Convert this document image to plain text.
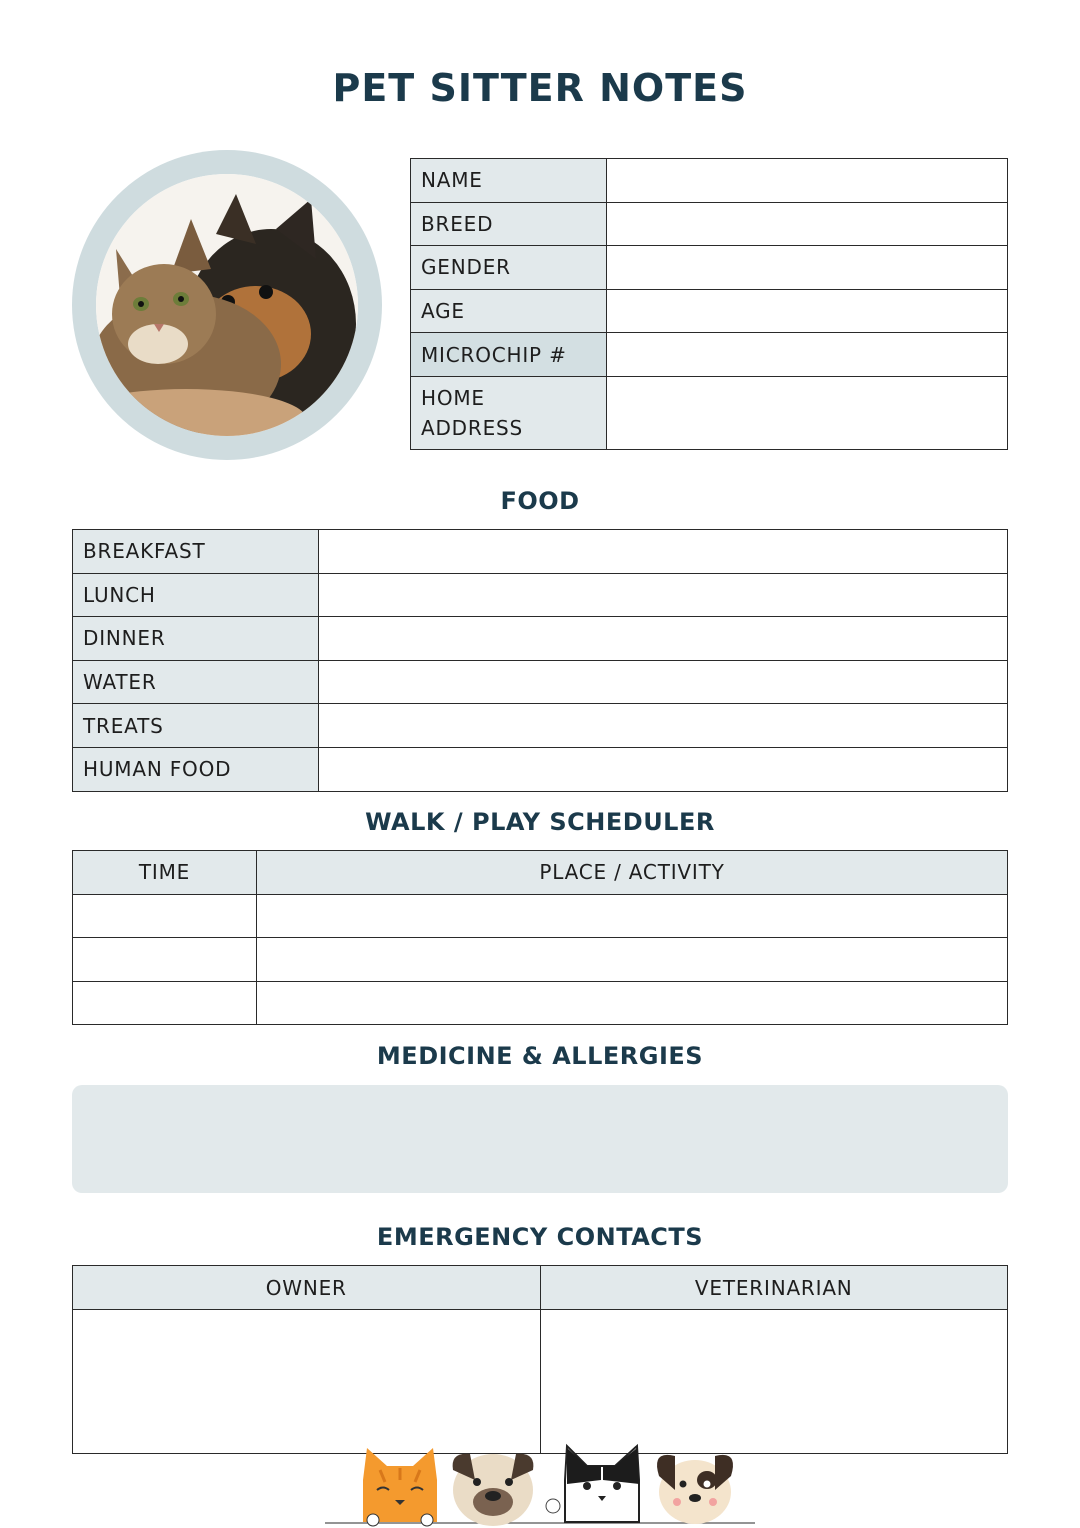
PET SITTER NOTES
NAME	
BREED	
GENDER	
AGE	
MICROCHIP #	
HOME
ADDRESS	
FOOD
BREAKFAST	
LUNCH	
DINNER	
WATER	
TREATS	
HUMAN FOOD	
WALK / PLAY SCHEDULER
TIME	PLACE / ACTIVITY

MEDICINE & ALLERGIES
EMERGENCY CONTACTS
OWNER	VETERINARIAN
